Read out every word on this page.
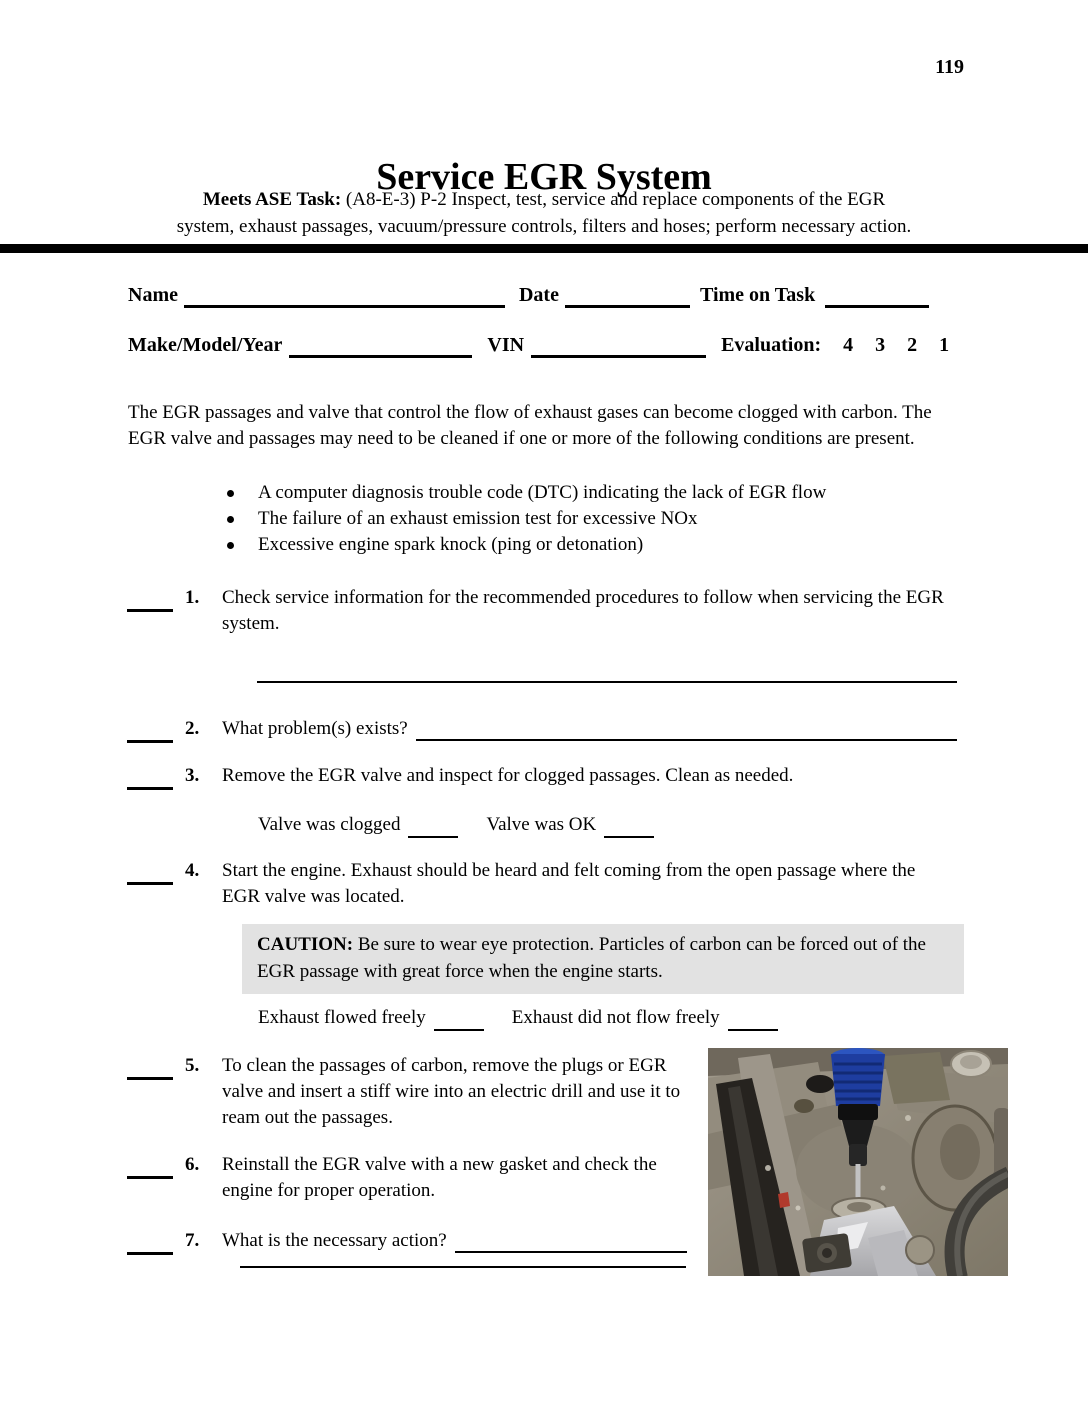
119
Service EGR System
Meets ASE Task: (A8-E-3) P-2 Inspect, test, service and replace components of the EGR
system, exhaust passages, vacuum/pressure controls, filters and hoses; perform necessary action.
Name	Date	Time on Task
Make/Model/Year	VIN	Evaluation: 4 3 2 1

The EGR passages and valve that control the flow of exhaust gases can become clogged with carbon. The EGR valve and passages may need to be cleaned if one or more of the following conditions are present.

A computer diagnosis trouble code (DTC) indicating the lack of EGR flow
The failure of an exhaust emission test for excessive NOx
Excessive engine spark knock (ping or detonation)
1.	Check service information for the recommended procedures to follow when servicing the EGR system.
2.	What problem(s) exists?
3.	Remove the EGR valve and inspect for clogged passages. Clean as needed.
Valve was clogged	Valve was OK
4.	Start the engine. Exhaust should be heard and felt coming from the open passage where the EGR valve was located.
CAUTION: Be sure to wear eye protection. Particles of carbon can be forced out of the EGR passage with great force when the engine starts.
Exhaust flowed freely	Exhaust did not flow freely
5.	To clean the passages of carbon, remove the plugs or EGR valve and insert a stiff wire into an electric drill and use it to ream out the passages.
6.	Reinstall the EGR valve with a new gasket and check the engine for proper operation.
7.	What is the necessary action?
